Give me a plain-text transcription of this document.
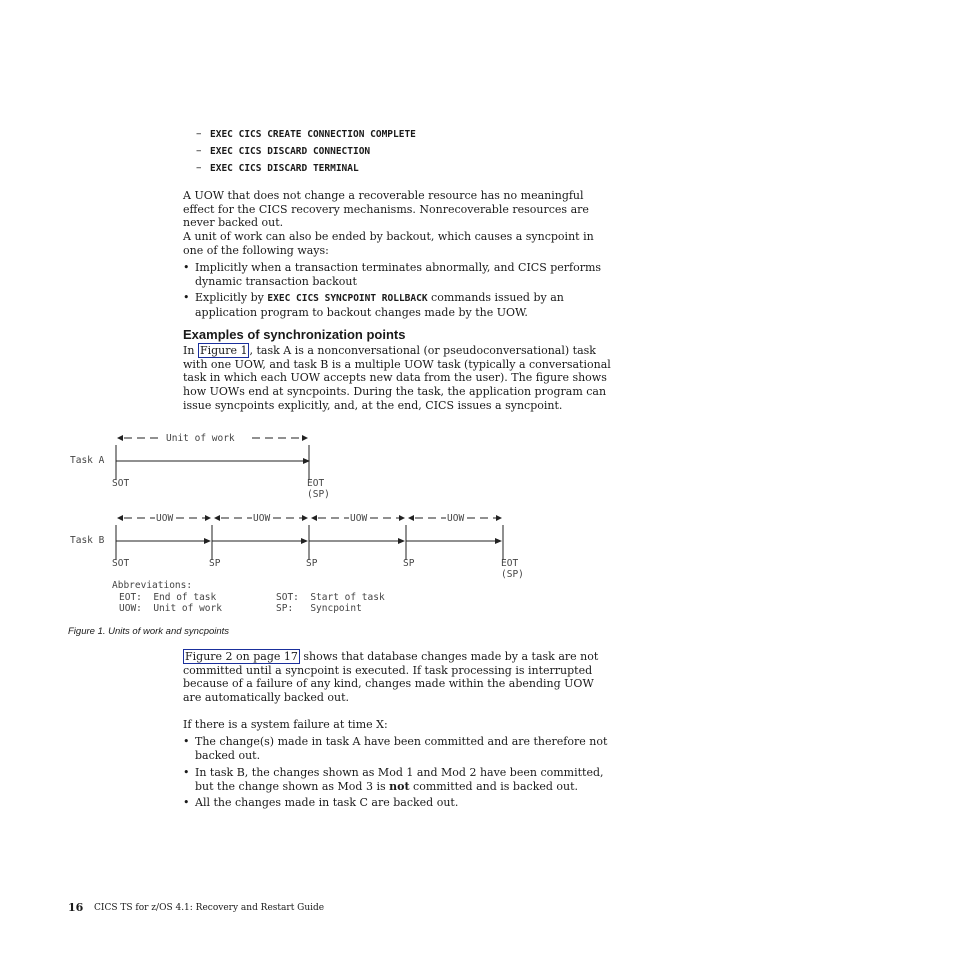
– EXEC CICS CREATE CONNECTION COMPLETE
– EXEC CICS DISCARD CONNECTION
– EXEC CICS DISCARD TERMINAL
A UOW that does not change a recoverable resource has no meaningful effect for the CICS recovery mechanisms. Nonrecoverable resources are never backed out.
A unit of work can also be ended by backout, which causes a syncpoint in one of the following ways:
• Implicitly when a transaction terminates abnormally, and CICS performs dynamic transaction backout
• Explicitly by EXEC CICS SYNCPOINT ROLLBACK commands issued by an application program to backout changes made by the UOW.
Examples of synchronization points
In Figure 1 , task A is a nonconversational (or pseudoconversational) task with one UOW, and task B is a multiple UOW task (typically a conversational task in which each UOW accepts new data from the user). The figure shows how UOWs end at syncpoints. During the task, the application program can issue syncpoints explicitly, and, at the end, CICS issues a syncpoint.
Unit of work
Task A
SOT	EOT
(SP)
UOW	UOW	UOW	UOW
Task B
SOT	SP	SP	SP	EOT
(SP)
Abbreviations:
EOT:  End of task
UOW:  Unit of work
SOT:  Start of task
SP:   Syncpoint
Figure 1. Units of work and syncpoints
Figure 2 on page 17 shows that database changes made by a task are not committed until a syncpoint is executed. If task processing is interrupted because of a failure of any kind, changes made within the abending UOW are automatically backed out.
If there is a system failure at time X:
• The change(s) made in task A have been committed and are therefore not backed out.
• In task B, the changes shown as Mod 1 and Mod 2 have been committed, but the change shown as Mod 3 is not committed and is backed out.
• All the changes made in task C are backed out.
16 CICS TS for z/OS 4.1: Recovery and Restart Guide
